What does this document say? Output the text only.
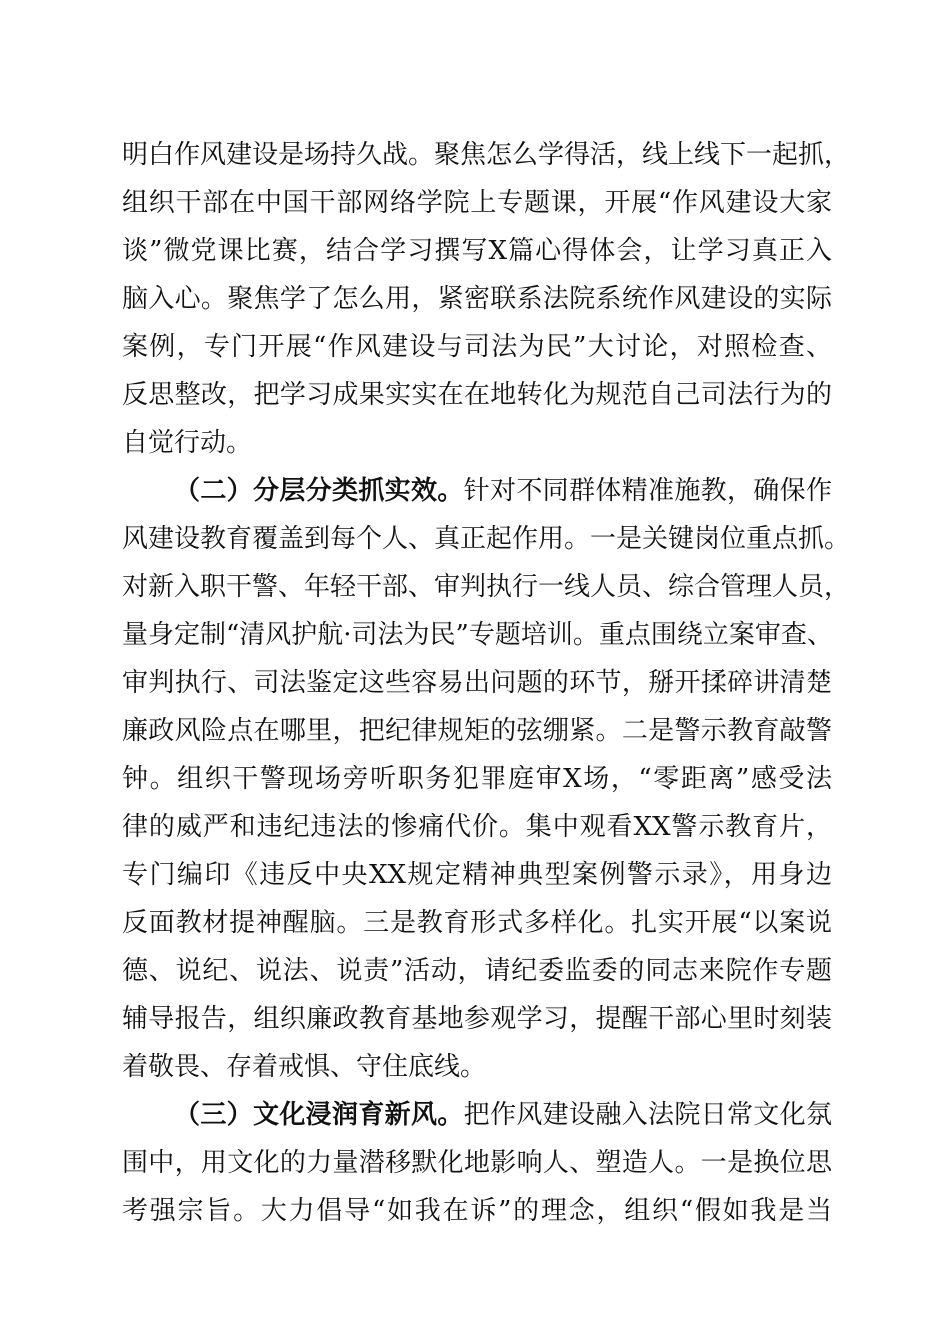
明白作风建设是场持久战。聚焦怎么学得活，线上线下一起抓，
组织干部在中国干部网络学院上专题课，开展“作风建设大家
谈”微党课比赛，结合学习撰写X篇心得体会，让学习真正入
脑入心。聚焦学了怎么用，紧密联系法院系统作风建设的实际
案例，专门开展“作风建设与司法为民”大讨论，对照检查、
反思整改，把学习成果实实在在地转化为规范自己司法行为的
自觉行动。
（二）分层分类抓实效。针对不同群体精准施教，确保作
风建设教育覆盖到每个人、真正起作用。一是关键岗位重点抓。
对新入职干警、年轻干部、审判执行一线人员、综合管理人员，
量身定制“清风护航·司法为民”专题培训。重点围绕立案审查、
审判执行、司法鉴定这些容易出问题的环节，掰开揉碎讲清楚
廉政风险点在哪里，把纪律规矩的弦绷紧。二是警示教育敲警
钟。组织干警现场旁听职务犯罪庭审X场，“零距离”感受法
律的威严和违纪违法的惨痛代价。集中观看XX警示教育片，
专门编印《违反中央XX规定精神典型案例警示录》，用身边
反面教材提神醒脑。三是教育形式多样化。扎实开展“以案说
德、说纪、说法、说责”活动，请纪委监委的同志来院作专题
辅导报告，组织廉政教育基地参观学习，提醒干部心里时刻装
着敬畏、存着戒惧、守住底线。
（三）文化浸润育新风。把作风建设融入法院日常文化氛
围中，用文化的力量潜移默化地影响人、塑造人。一是换位思
考强宗旨。大力倡导“如我在诉”的理念，组织“假如我是当
